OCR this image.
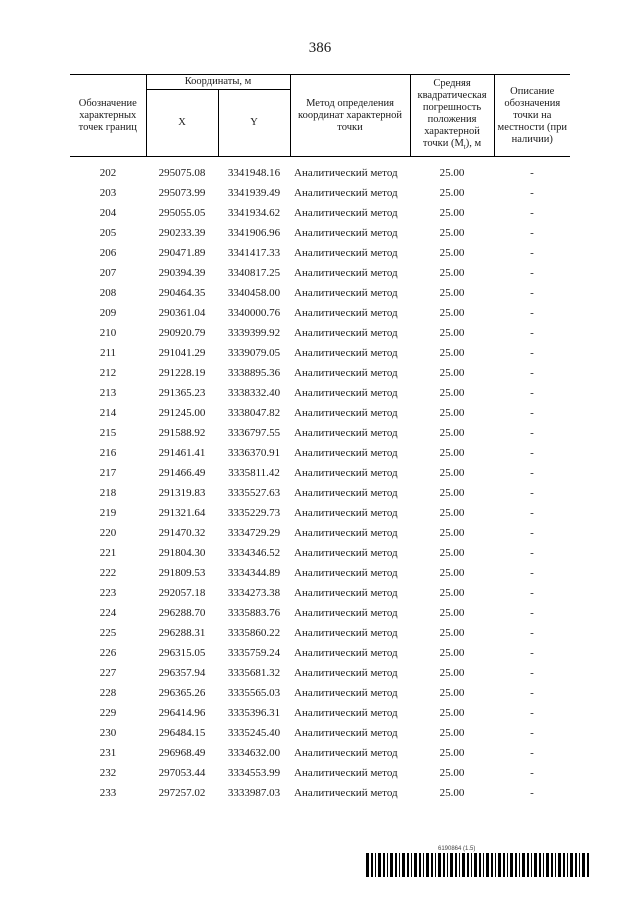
386
Обозначение характерных точек границ	Координаты, м		Метод определения координат характерной точки	Средняя квадратическая погрешность положения характерной точки $(M_t)$, м	Описание обозначения точки на местности (при наличии)
	X	Y			
202	295075.08	3341948.16	Аналитический метод	25.00	-
203	295073.99	3341939.49	Аналитический метод	25.00	-
204	295055.05	3341934.62	Аналитический метод	25.00	-
205	290233.39	3341906.96	Аналитический метод	25.00	-
206	290471.89	3341417.33	Аналитический метод	25.00	-
207	290394.39	3340817.25	Аналитический метод	25.00	-
208	290464.35	3340458.00	Аналитический метод	25.00	-
209	290361.04	3340000.76	Аналитический метод	25.00	-
210	290920.79	3339399.92	Аналитический метод	25.00	-
211	291041.29	3339079.05	Аналитический метод	25.00	-
212	291228.19	3338895.36	Аналитический метод	25.00	-
213	291365.23	3338332.40	Аналитический метод	25.00	-
214	291245.00	3338047.82	Аналитический метод	25.00	-
215	291588.92	3336797.55	Аналитический метод	25.00	-
216	291461.41	3336370.91	Аналитический метод	25.00	-
217	291466.49	3335811.42	Аналитический метод	25.00	-
218	291319.83	3335527.63	Аналитический метод	25.00	-
219	291321.64	3335229.73	Аналитический метод	25.00	-
220	291470.32	3334729.29	Аналитический метод	25.00	-
221	291804.30	3334346.52	Аналитический метод	25.00	-
222	291809.53	3334344.89	Аналитический метод	25.00	-
223	292057.18	3334273.38	Аналитический метод	25.00	-
224	296288.70	3335883.76	Аналитический метод	25.00	-
225	296288.31	3335860.22	Аналитический метод	25.00	-
226	296315.05	3335759.24	Аналитический метод	25.00	-
227	296357.94	3335681.32	Аналитический метод	25.00	-
228	296365.26	3335565.03	Аналитический метод	25.00	-
229	296414.96	3335396.31	Аналитический метод	25.00	-
230	296484.15	3335245.40	Аналитический метод	25.00	-
231	296968.49	3334632.00	Аналитический метод	25.00	-
232	297053.44	3334553.99	Аналитический метод	25.00	-
233	297257.02	3333987.03	Аналитический метод	25.00	-
6190864 (1.5)
